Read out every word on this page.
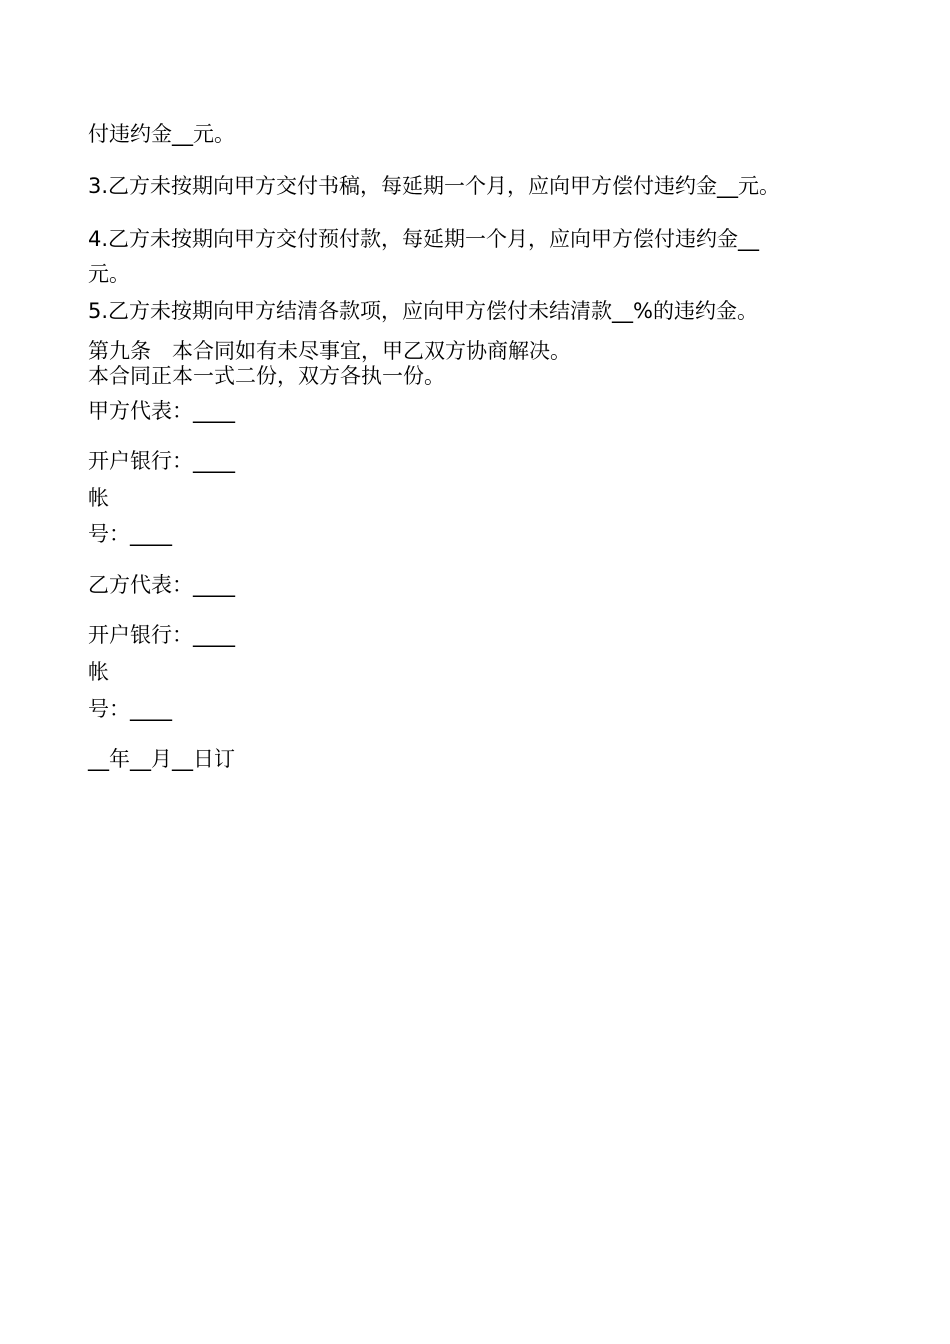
付违约金__元。
3.乙方未按期向甲方交付书稿，每延期一个月，应向甲方偿付违约金__元。
4.乙方未按期向甲方交付预付款，每延期一个月，应向甲方偿付违约金__
元。
5.乙方未按期向甲方结清各款项，应向甲方偿付未结清款__%的违约金。
第九条　本合同如有未尽事宜，甲乙双方协商解决。
本合同正本一式二份，双方各执一份。
甲方代表：____
开户银行：____
帐
号：____
乙方代表：____
开户银行：____
帐
号：____
__年__月__日订
